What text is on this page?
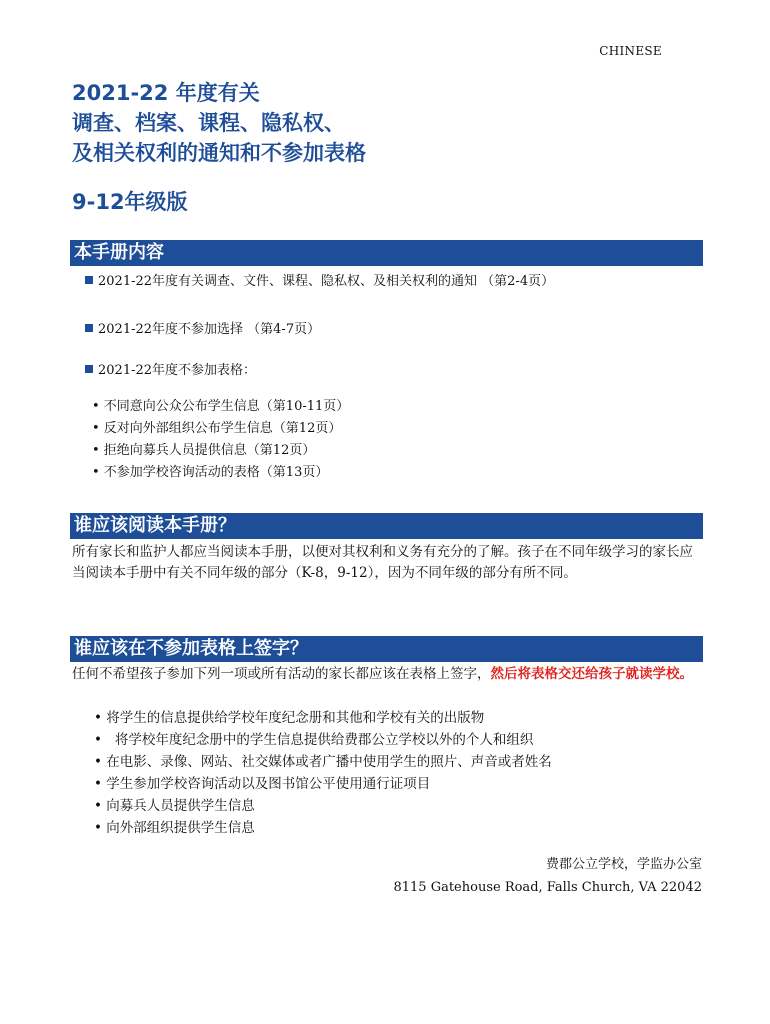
CHINESE
2021-22 年度有关
调查、档案、课程、隐私权、
及相关权利的通知和不参加表格
9-12年级版
本手册内容
2021-22年度有关调查、文件、课程、隐私权、及相关权利的通知 （第2-4页）
2021-22年度不参加选择 （第4-7页）
2021-22年度不参加表格：
• 不同意向公众公布学生信息（第10-11页）
• 反对向外部组织公布学生信息（第12页）
• 拒绝向募兵人员提供信息（第12页）
• 不参加学校咨询活动的表格（第13页）
谁应该阅读本手册？
所有家长和监护人都应当阅读本手册，以便对其权利和义务有充分的了解。孩子在不同年级学习的家长应当阅读本手册中有关不同年级的部分（K-8，9-12），因为不同年级的部分有所不同。
谁应该在不参加表格上签字？
任何不希望孩子参加下列一项或所有活动的家长都应该在表格上签字，然后将表格交还给孩子就读学校。
• 将学生的信息提供给学校年度纪念册和其他和学校有关的出版物
•   将学校年度纪念册中的学生信息提供给费郡公立学校以外的个人和组织
• 在电影、录像、网站、社交媒体或者广播中使用学生的照片、声音或者姓名
• 学生参加学校咨询活动以及图书馆公平使用通行证项目
• 向募兵人员提供学生信息
• 向外部组织提供学生信息
费郡公立学校，学监办公室
8115 Gatehouse Road, Falls Church, VA 22042
